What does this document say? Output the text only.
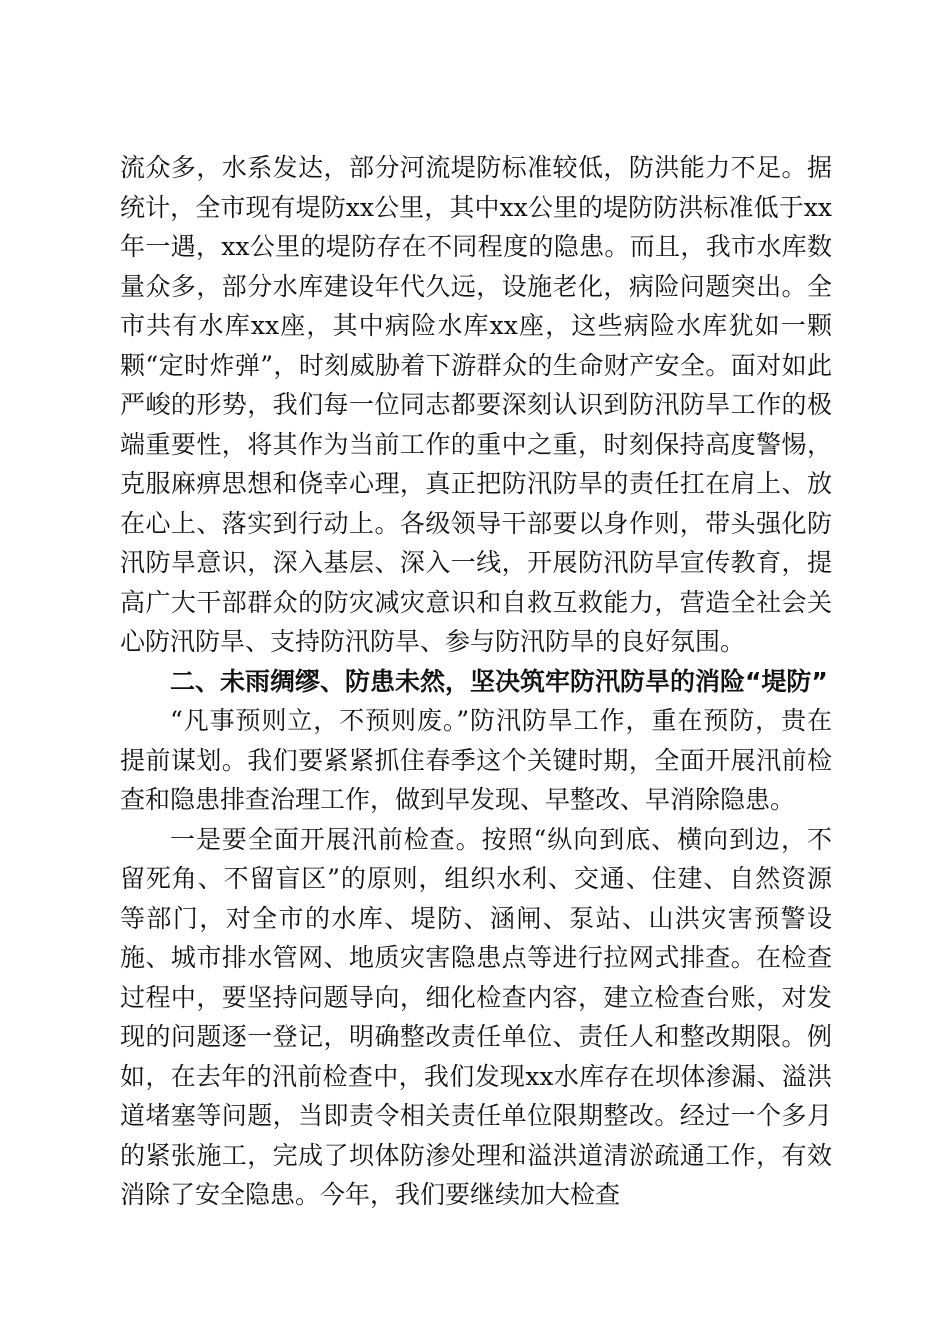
流众多，水系发达，部分河流堤防标准较低，防洪能力不足。据统计，全市现有堤防xx公里，其中xx公里的堤防防洪标准低于xx年一遇，xx公里的堤防存在不同程度的隐患。而且，我市水库数量众多，部分水库建设年代久远，设施老化，病险问题突出。全市共有水库xx座，其中病险水库xx座，这些病险水库犹如一颗颗“定时炸弹”，时刻威胁着下游群众的生命财产安全。面对如此严峻的形势，我们每一位同志都要深刻认识到防汛防旱工作的极端重要性，将其作为当前工作的重中之重，时刻保持高度警惕，克服麻痹思想和侥幸心理，真正把防汛防旱的责任扛在肩上、放在心上、落实到行动上。各级领导干部要以身作则，带头强化防汛防旱意识，深入基层、深入一线，开展防汛防旱宣传教育，提高广大干部群众的防灾减灾意识和自救互救能力，营造全社会关心防汛防旱、支持防汛防旱、参与防汛防旱的良好氛围。

二、未雨绸缪、防患未然，坚决筑牢防汛防旱的消险“堤防”

“凡事预则立，不预则废。”防汛防旱工作，重在预防，贵在提前谋划。我们要紧紧抓住春季这个关键时期，全面开展汛前检查和隐患排查治理工作，做到早发现、早整改、早消除隐患。

一是要全面开展汛前检查。按照“纵向到底、横向到边，不留死角、不留盲区”的原则，组织水利、交通、住建、自然资源等部门，对全市的水库、堤防、涵闸、泵站、山洪灾害预警设施、城市排水管网、地质灾害隐患点等进行拉网式排查。在检查过程中，要坚持问题导向，细化检查内容，建立检查台账，对发现的问题逐一登记，明确整改责任单位、责任人和整改期限。例如，在去年的汛前检查中，我们发现xx水库存在坝体渗漏、溢洪道堵塞等问题，当即责令相关责任单位限期整改。经过一个多月的紧张施工，完成了坝体防渗处理和溢洪道清淤疏通工作，有效消除了安全隐患。今年，我们要继续加大检查
